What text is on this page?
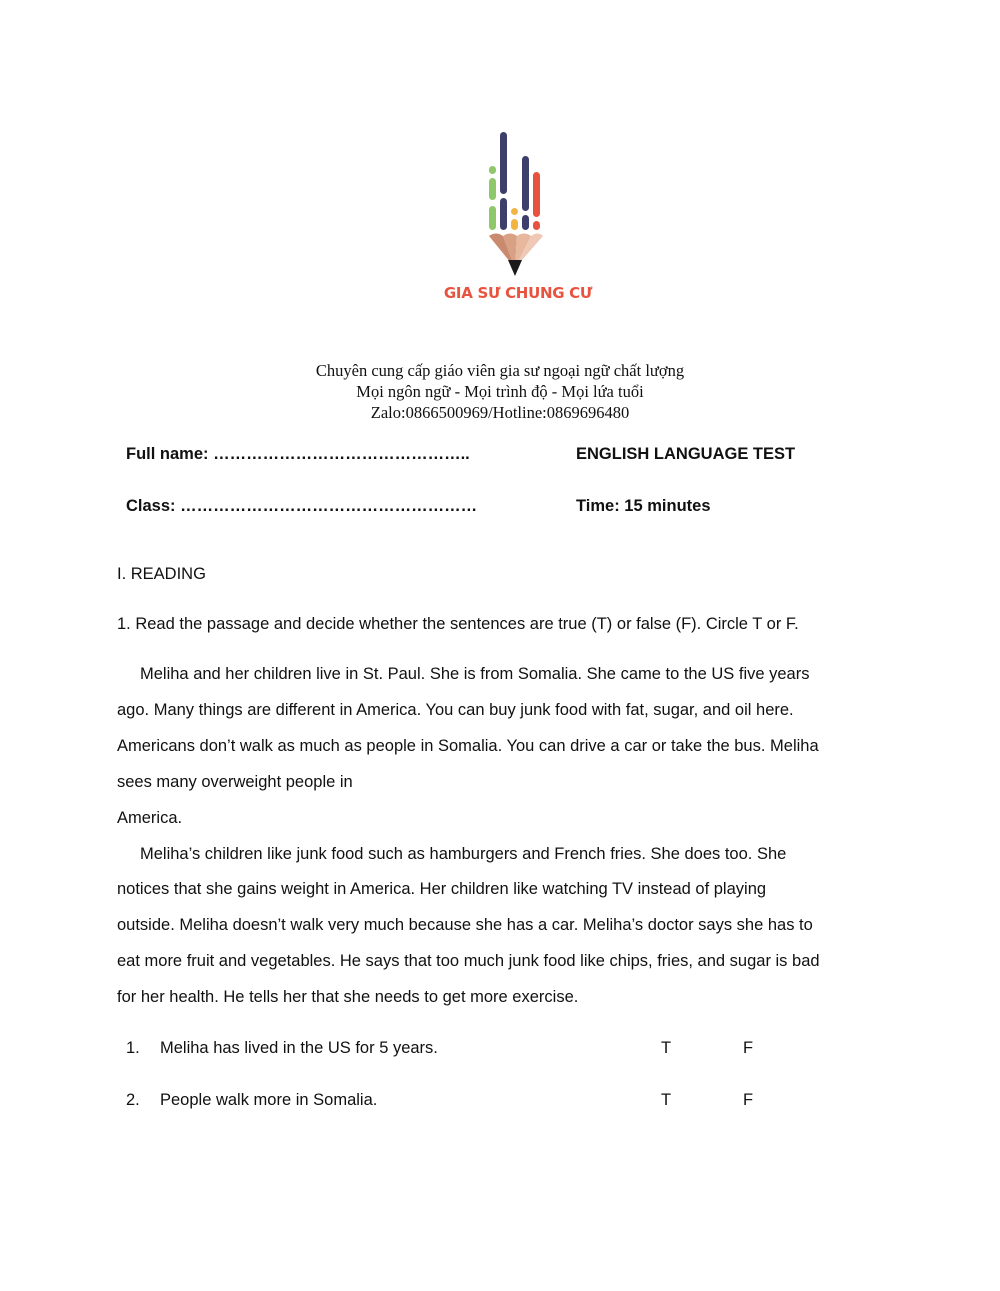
GIA SƯ CHUNG CƯ
Chuyên cung cấp giáo viên gia sư ngoại ngữ chất lượng
Mọi ngôn ngữ - Mọi trình độ - Mọi lứa tuổi
Zalo:0866500969/Hotline:0869696480
Full name: ………………………………………..	ENGLISH LANGUAGE TEST
Class: ………………………………………………	Time: 15 minutes
I. READING
1. Read the passage and decide whether the sentences are true (T) or false (F). Circle T or F.
Meliha and her children live in St. Paul. She is from Somalia. She came to the US five years
ago. Many things are different in America. You can buy junk food with fat, sugar, and oil here.
Americans don’t walk as much as people in Somalia. You can drive a car or take the bus. Meliha
sees many overweight people in
America.
Meliha’s children like junk food such as hamburgers and French fries. She does too. She
notices that she gains weight in America. Her children like watching TV instead of playing
outside. Meliha doesn’t walk very much because she has a car. Meliha’s doctor says she has to
eat more fruit and vegetables. He says that too much junk food like chips, fries, and sugar is bad
for her health. He tells her that she needs to get more exercise.
1. Meliha has lived in the US for 5 years.	T	F
2. People walk more in Somalia.	T	F
